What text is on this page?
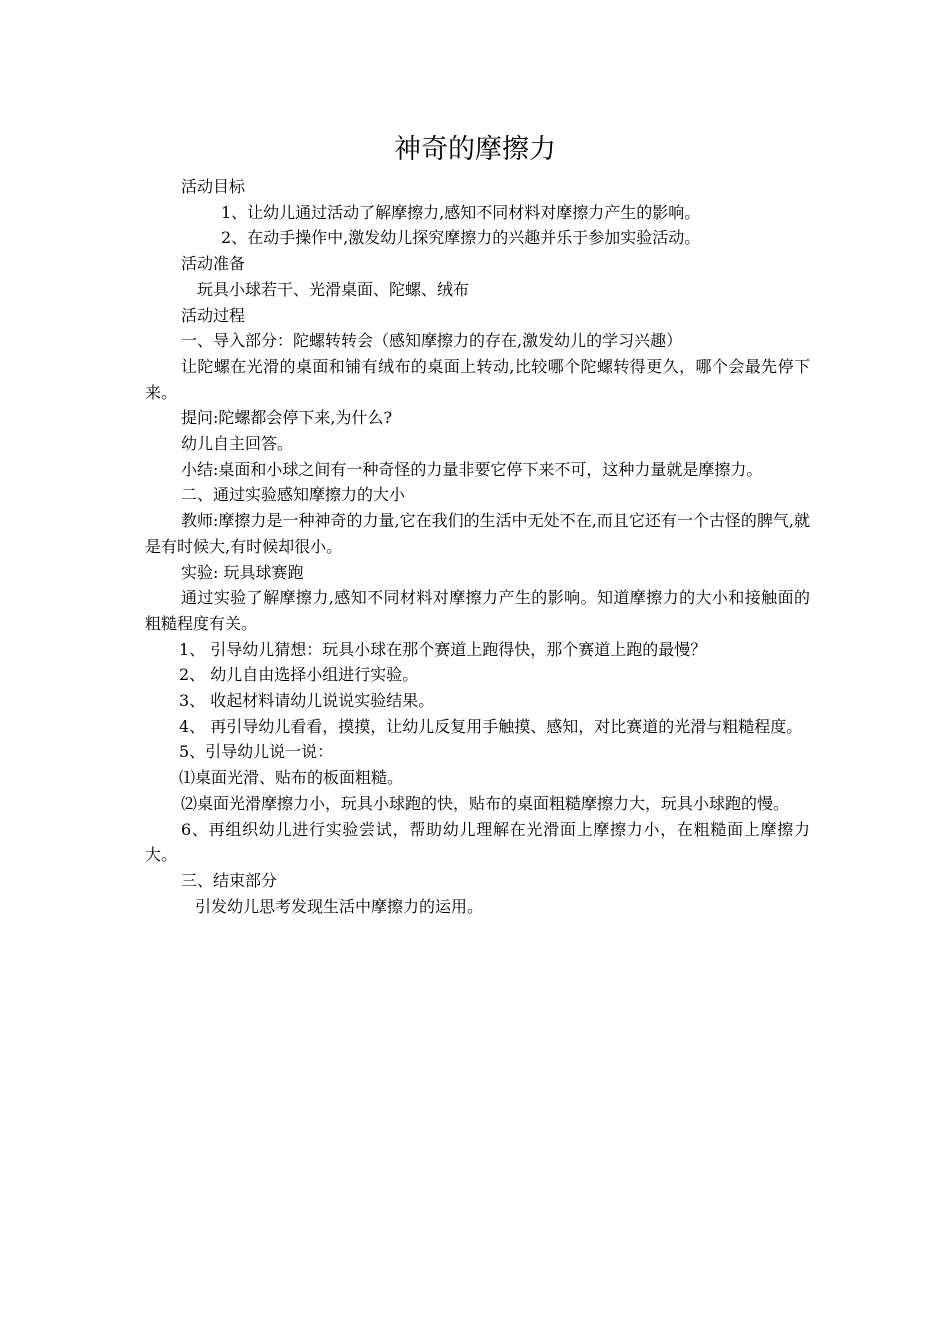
神奇的摩擦力

活动目标

1、让幼儿通过活动了解摩擦力,感知不同材料对摩擦力产生的影响。

2、在动手操作中,激发幼儿探究摩擦力的兴趣并乐于参加实验活动。

活动准备

玩具小球若干、光滑桌面、陀螺、绒布

活动过程

一、导入部分：陀螺转转会（感知摩擦力的存在,激发幼儿的学习兴趣）

让陀螺在光滑的桌面和铺有绒布的桌面上转动,比较哪个陀螺转得更久，哪个会最先停下来。

提问:陀螺都会停下来,为什么?

幼儿自主回答。

小结:桌面和小球之间有一种奇怪的力量非要它停下来不可，这种力量就是摩擦力。

二、通过实验感知摩擦力的大小

教师:摩擦力是一种神奇的力量,它在我们的生活中无处不在,而且它还有一个古怪的脾气,就是有时候大,有时候却很小。

实验: 玩具球赛跑

通过实验了解摩擦力,感知不同材料对摩擦力产生的影响。知道摩擦力的大小和接触面的粗糙程度有关。

1、 引导幼儿猜想：玩具小球在那个赛道上跑得快，那个赛道上跑的最慢？

2、 幼儿自由选择小组进行实验。

3、 收起材料请幼儿说说实验结果。

4、 再引导幼儿看看，摸摸，让幼儿反复用手触摸、感知，对比赛道的光滑与粗糙程度。

5、引导幼儿说一说：

⑴桌面光滑、贴布的板面粗糙。

⑵桌面光滑摩擦力小，玩具小球跑的快，贴布的桌面粗糙摩擦力大，玩具小球跑的慢。

6、再组织幼儿进行实验尝试，帮助幼儿理解在光滑面上摩擦力小，在粗糙面上摩擦力大。

三、结束部分

引发幼儿思考发现生活中摩擦力的运用。
